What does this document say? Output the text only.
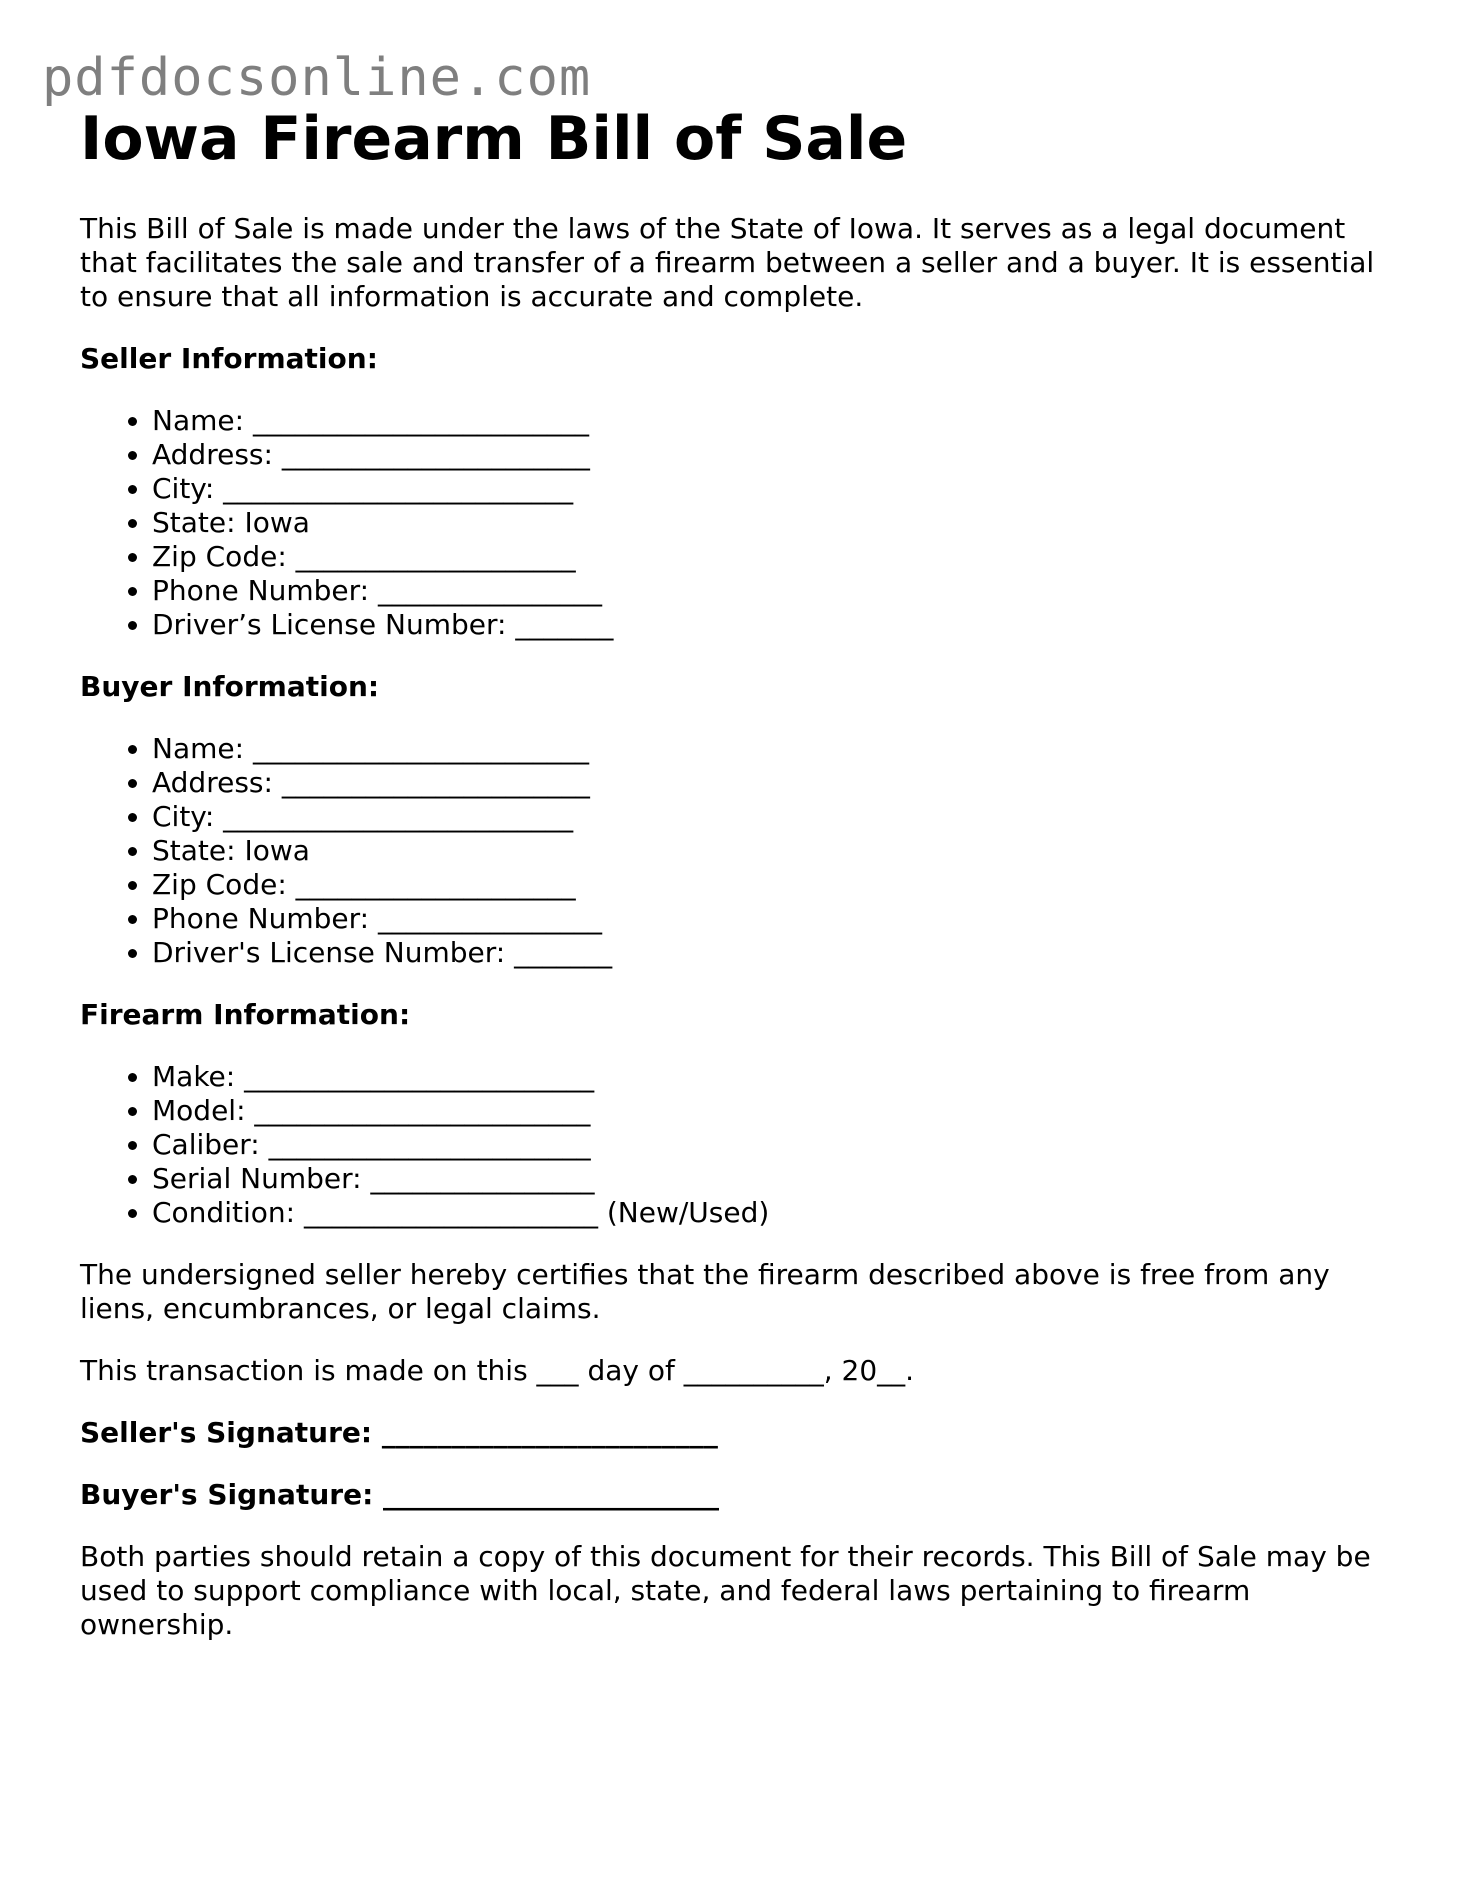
pdfdocsonline.com
Iowa Firearm Bill of Sale

This Bill of Sale is made under the laws of the State of Iowa. It serves as a legal document that facilitates the sale and transfer of a firearm between a seller and a buyer. It is essential to ensure that all information is accurate and complete.

Seller Information:
• Name: ________________________
• Address: ______________________
• City: _________________________
• State: Iowa
• Zip Code: ____________________
• Phone Number: ________________
• Driver’s License Number: _______
Buyer Information:
• Name: ________________________
• Address: ______________________
• City: _________________________
• State: Iowa
• Zip Code: ____________________
• Phone Number: ________________
• Driver's License Number: _______
Firearm Information:
• Make: _________________________
• Model: ________________________
• Caliber: _______________________
• Serial Number: ________________
• Condition: _____________________ (New/Used)

The undersigned seller hereby certifies that the firearm described above is free from any liens, encumbrances, or legal claims.

This transaction is made on this ___ day of __________, 20__.

Seller's Signature: ________________________
Buyer's Signature: ________________________

Both parties should retain a copy of this document for their records. This Bill of Sale may be used to support compliance with local, state, and federal laws pertaining to firearm ownership.
